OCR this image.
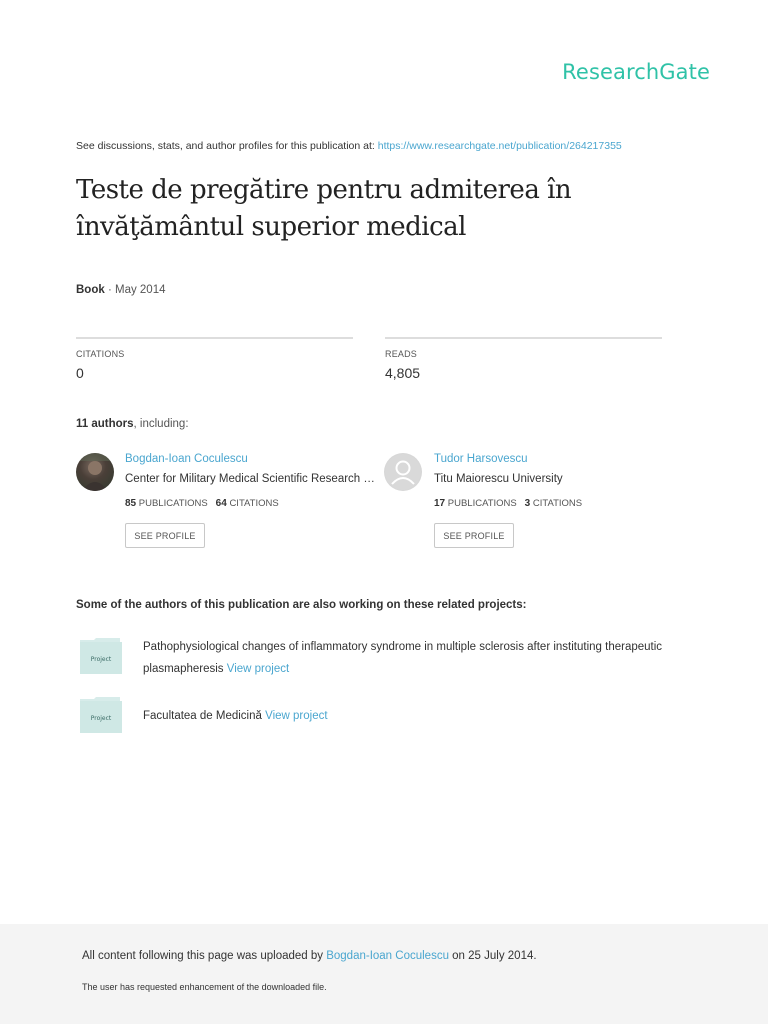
ResearchGate
See discussions, stats, and author profiles for this publication at: https://www.researchgate.net/publication/264217355
Teste de pregătire pentru admiterea în învăţământul superior medical
Book · May 2014
CITATIONS
0
READS
4,805
11 authors, including:
Bogdan-Ioan Coculescu
Center for Military Medical Scientific Research …
85 PUBLICATIONS 64 CITATIONS
SEE PROFILE
Tudor Harsovescu
Titu Maiorescu University
17 PUBLICATIONS 3 CITATIONS
SEE PROFILE
Some of the authors of this publication are also working on these related projects:
Project
Pathophysiological changes of inflammatory syndrome in multiple sclerosis after instituting therapeutic plasmapheresis View project
Project	Facultatea de Medicină View project
All content following this page was uploaded by Bogdan-Ioan Coculescu on 25 July 2014.
The user has requested enhancement of the downloaded file.
